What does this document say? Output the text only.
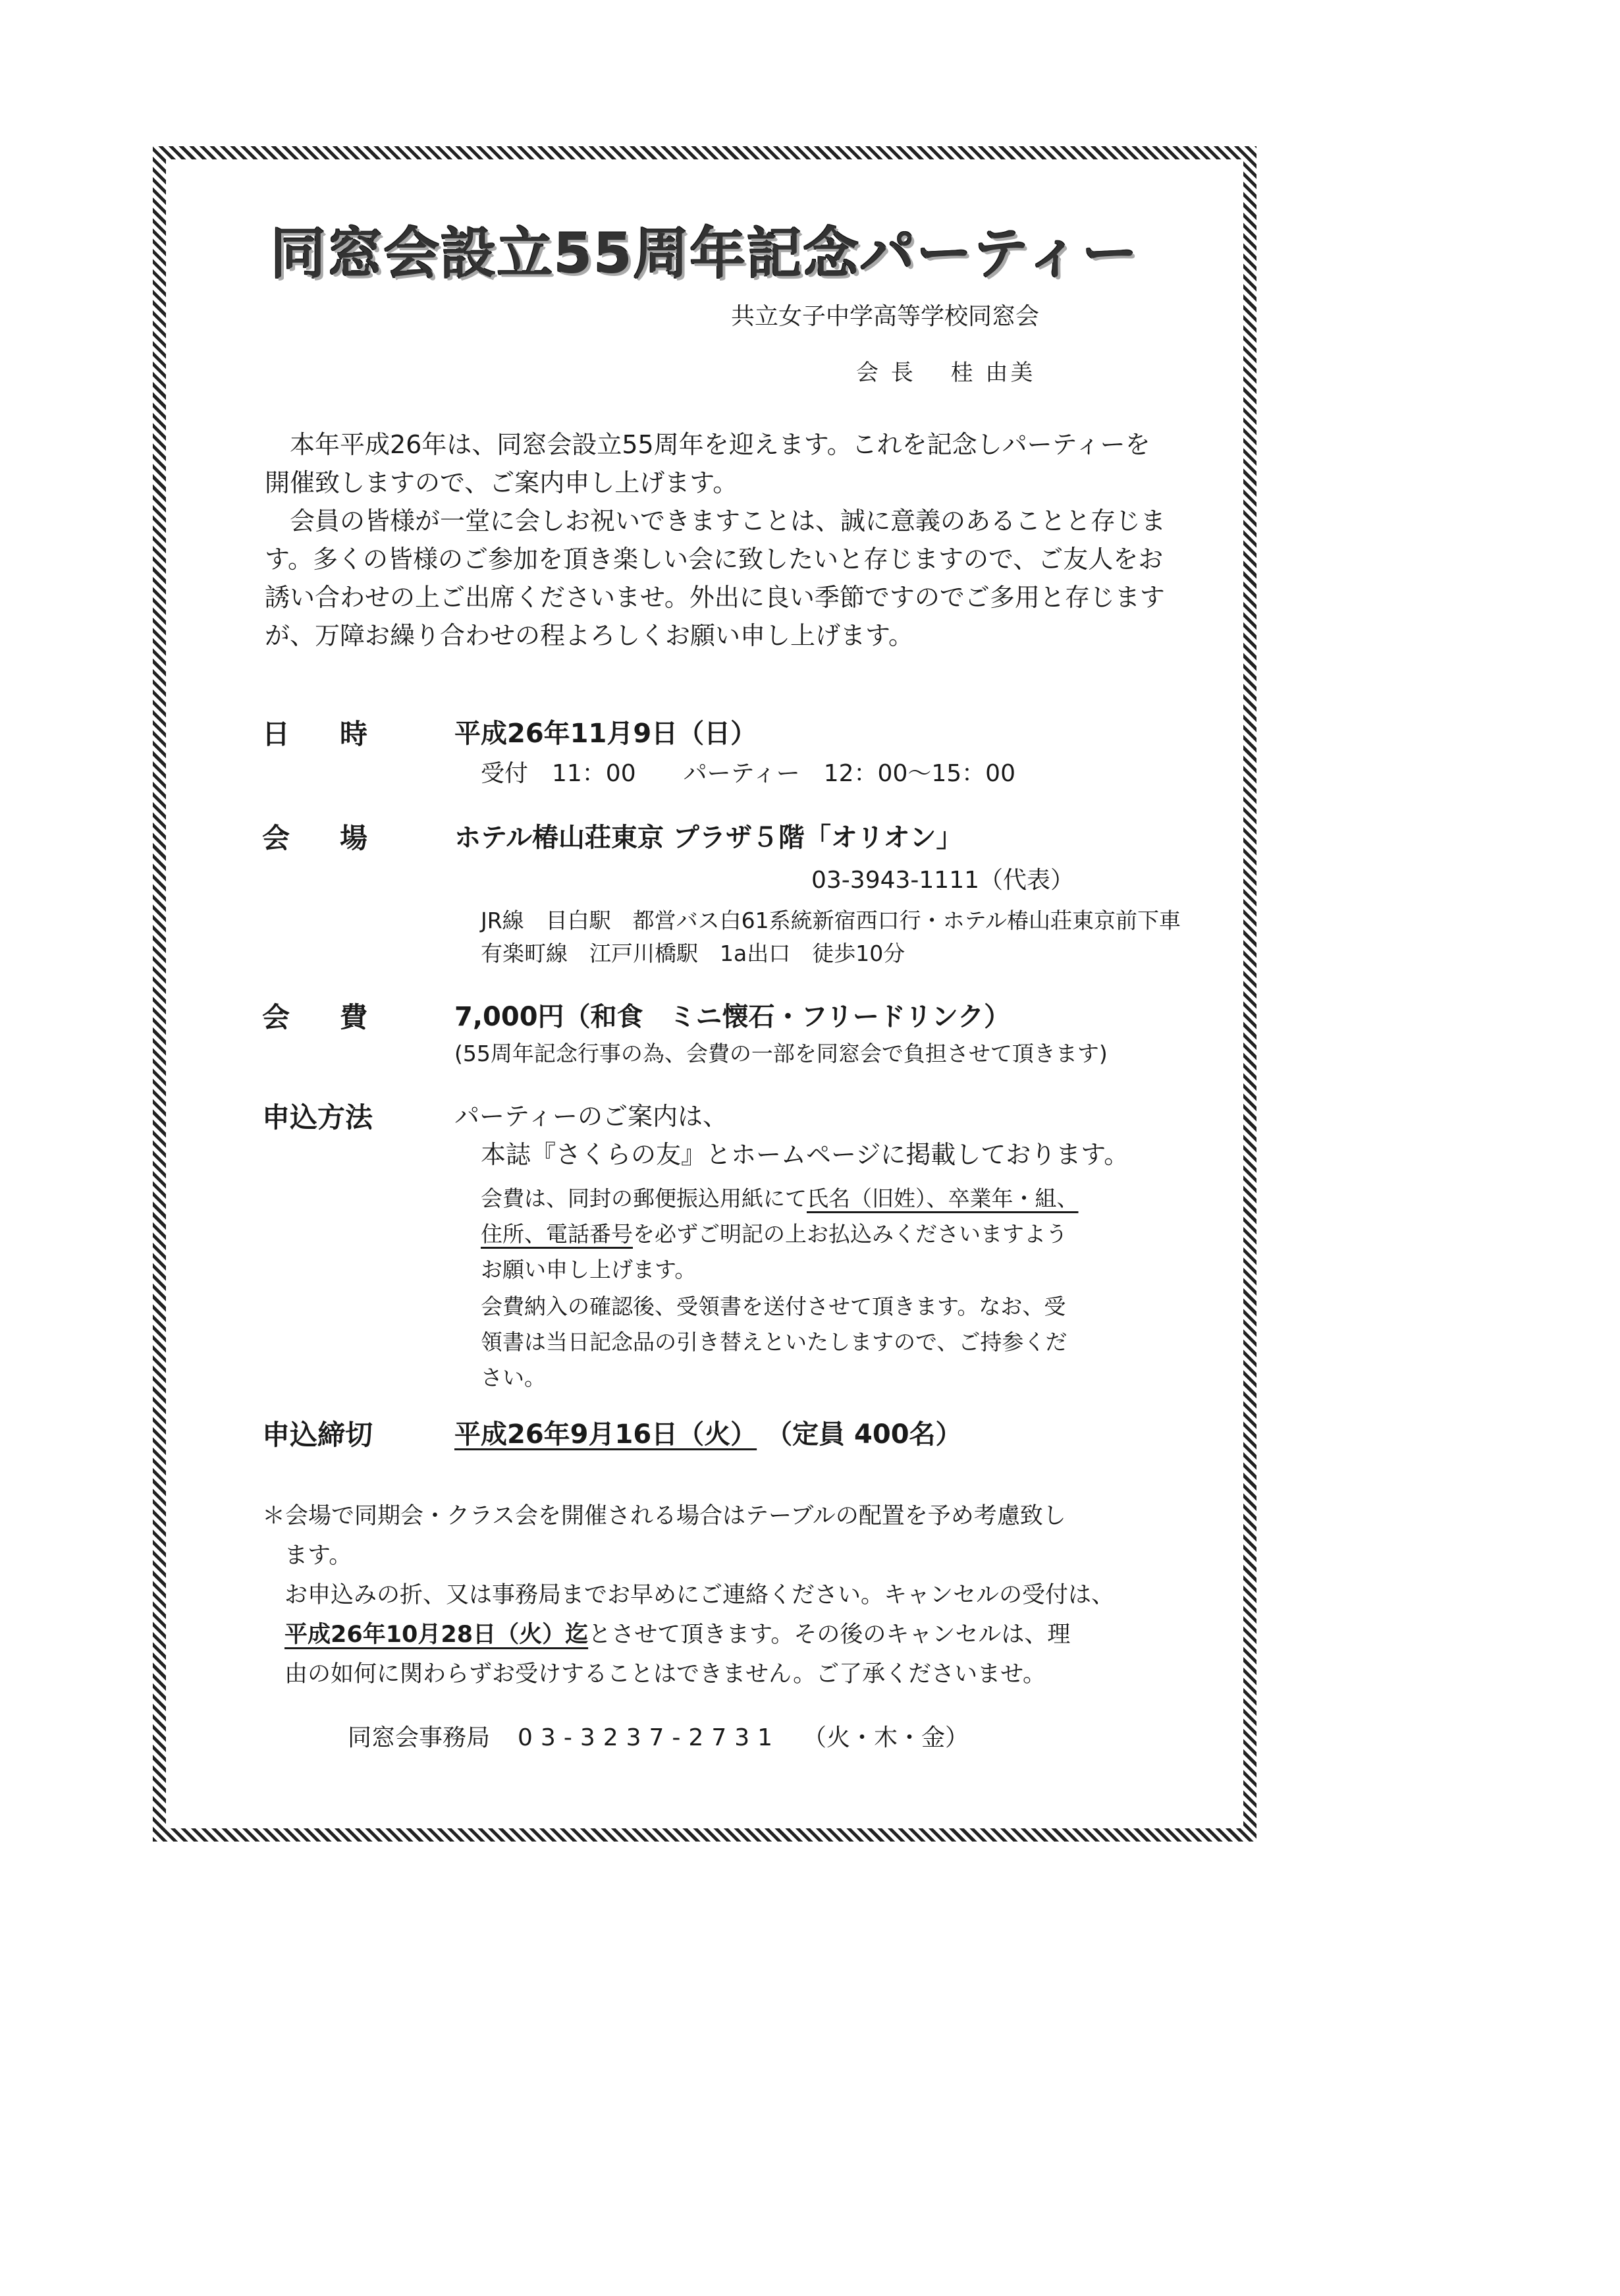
同窓会設立55周年記念パーティー
共立女子中学高等学校同窓会
会 長　 桂 由美

本年平成26年は、同窓会設立55周年を迎えます。これを記念しパーティーを開催致しますので、ご案内申し上げます。

会員の皆様が一堂に会しお祝いできますことは、誠に意義のあることと存じます。多くの皆様のご参加を頂き楽しい会に致したいと存じますので、ご友人をお誘い合わせの上ご出席くださいませ。外出に良い季節ですのでご多用と存じますが、万障お繰り合わせの程よろしくお願い申し上げます。

日時 平成26年11月9日（日）
受付　11：00　　パーティー　12：00～15：00
会場 ホテル椿山荘東京 プラザ５階「オリオン」
03-3943-1111（代表）
JR線　目白駅　都営バス白61系統新宿西口行・ホテル椿山荘東京前下車
有楽町線　江戸川橋駅　1a出口　徒歩10分
会費 7,000円（和食　ミニ懐石・フリードリンク）
(55周年記念行事の為、会費の一部を同窓会で負担させて頂きます)
申込方法	パーティーのご案内は、
本誌『さくらの友』とホームページに掲載しております。
会費は、同封の郵便振込用紙にて氏名（旧姓）、卒業年・組、
住所、電話番号を必ずご明記の上お払込みくださいますよう
お願い申し上げます。
会費納入の確認後、受領書を送付させて頂きます。なお、受
領書は当日記念品の引き替えといたしますので、ご持参くだ
さい。
申込締切	平成26年9月16日（火） （定員 400名）
＊会場で同期会・クラス会を開催される場合はテーブルの配置を予め考慮致し
ます。
お申込みの折、又は事務局までお早めにご連絡ください。キャンセルの受付は、
平成26年10月28日（火）迄とさせて頂きます。その後のキャンセルは、理
由の如何に関わらずお受けすることはできません。ご了承くださいませ。
同窓会事務局 03-3237-2731 （火・木・金）
